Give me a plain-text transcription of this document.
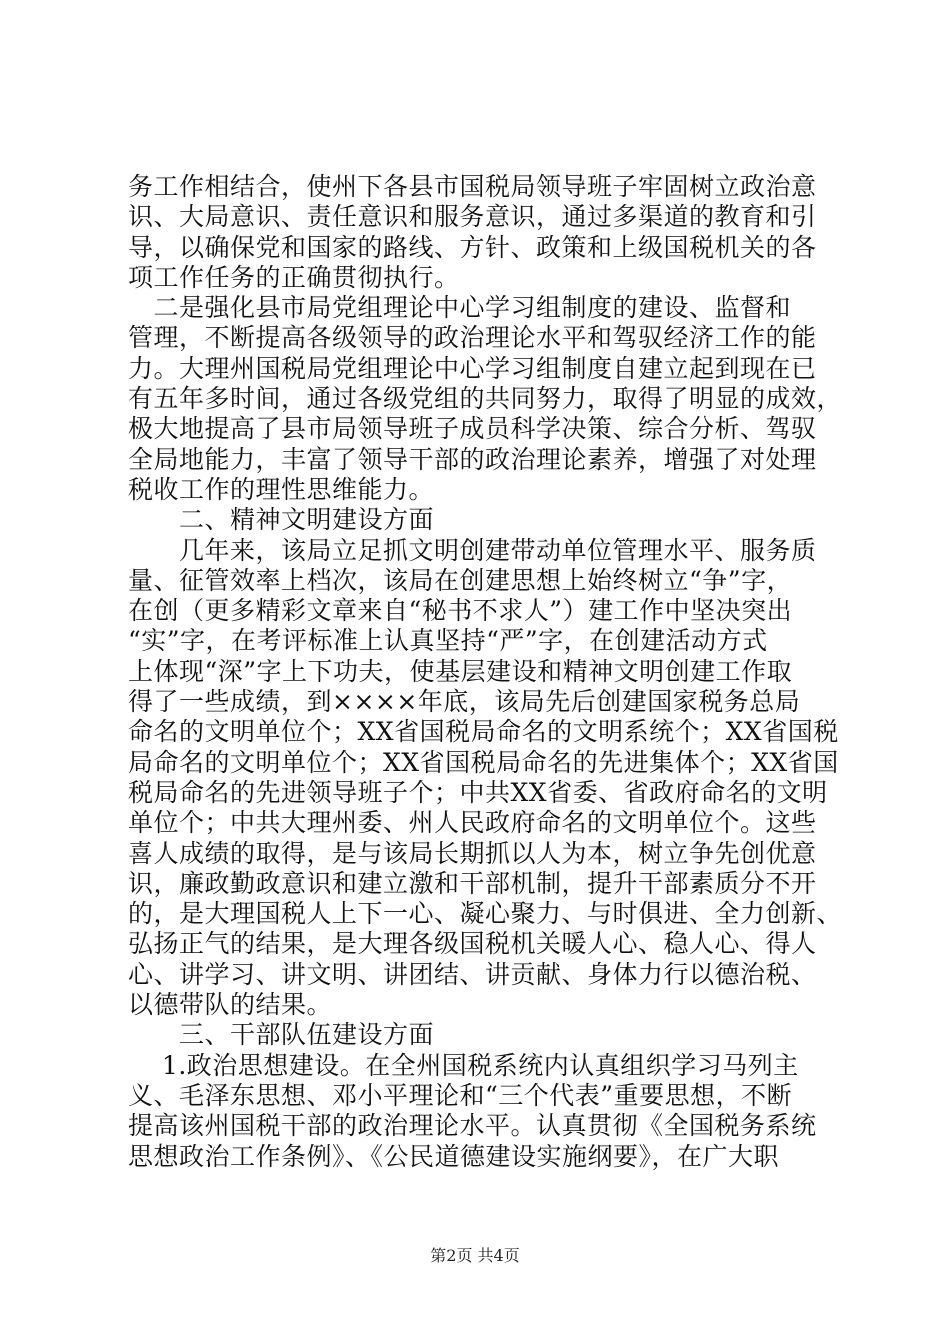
务工作相结合，使州下各县市国税局领导班子牢固树立政治意
识、大局意识、责任意识和服务意识，通过多渠道的教育和引
导，以确保党和国家的路线、方针、政策和上级国税机关的各
项工作任务的正确贯彻执行。
　二是强化县市局党组理论中心学习组制度的建设、监督和
管理，不断提高各级领导的政治理论水平和驾驭经济工作的能
力。大理州国税局党组理论中心学习组制度自建立起到现在已
有五年多时间，通过各级党组的共同努力，取得了明显的成效，
极大地提高了县市局领导班子成员科学决策、综合分析、驾驭
全局地能力，丰富了领导干部的政治理论素养，增强了对处理
税收工作的理性思维能力。
　　二、精神文明建设方面
　　几年来，该局立足抓文明创建带动单位管理水平、服务质
量、征管效率上档次，该局在创建思想上始终树立“争”字，
在创（更多精彩文章来自“秘书不求人”）建工作中坚决突出
“实”字，在考评标准上认真坚持“严”字，在创建活动方式
上体现“深”字上下功夫，使基层建设和精神文明创建工作取
得了一些成绩，到××××年底，该局先后创建国家税务总局
命名的文明单位个；XX省国税局命名的文明系统个；XX省国税
局命名的文明单位个；XX省国税局命名的先进集体个；XX省国
税局命名的先进领导班子个；中共XX省委、省政府命名的文明
单位个；中共大理州委、州人民政府命名的文明单位个。这些
喜人成绩的取得，是与该局长期抓以人为本，树立争先创优意
识，廉政勤政意识和建立激和干部机制，提升干部素质分不开
的，是大理国税人上下一心、凝心聚力、与时俱进、全力创新、
弘扬正气的结果，是大理各级国税机关暖人心、稳人心、得人
心、讲学习、讲文明、讲团结、讲贡献、身体力行以德治税、
以德带队的结果。
　　三、干部队伍建设方面
　 1.政治思想建设。在全州国税系统内认真组织学习马列主
义、毛泽东思想、邓小平理论和“三个代表”重要思想，不断
提高该州国税干部的政治理论水平。认真贯彻《全国税务系统
思想政治工作条例》、《公民道德建设实施纲要》，在广大职
第2页 共4页
